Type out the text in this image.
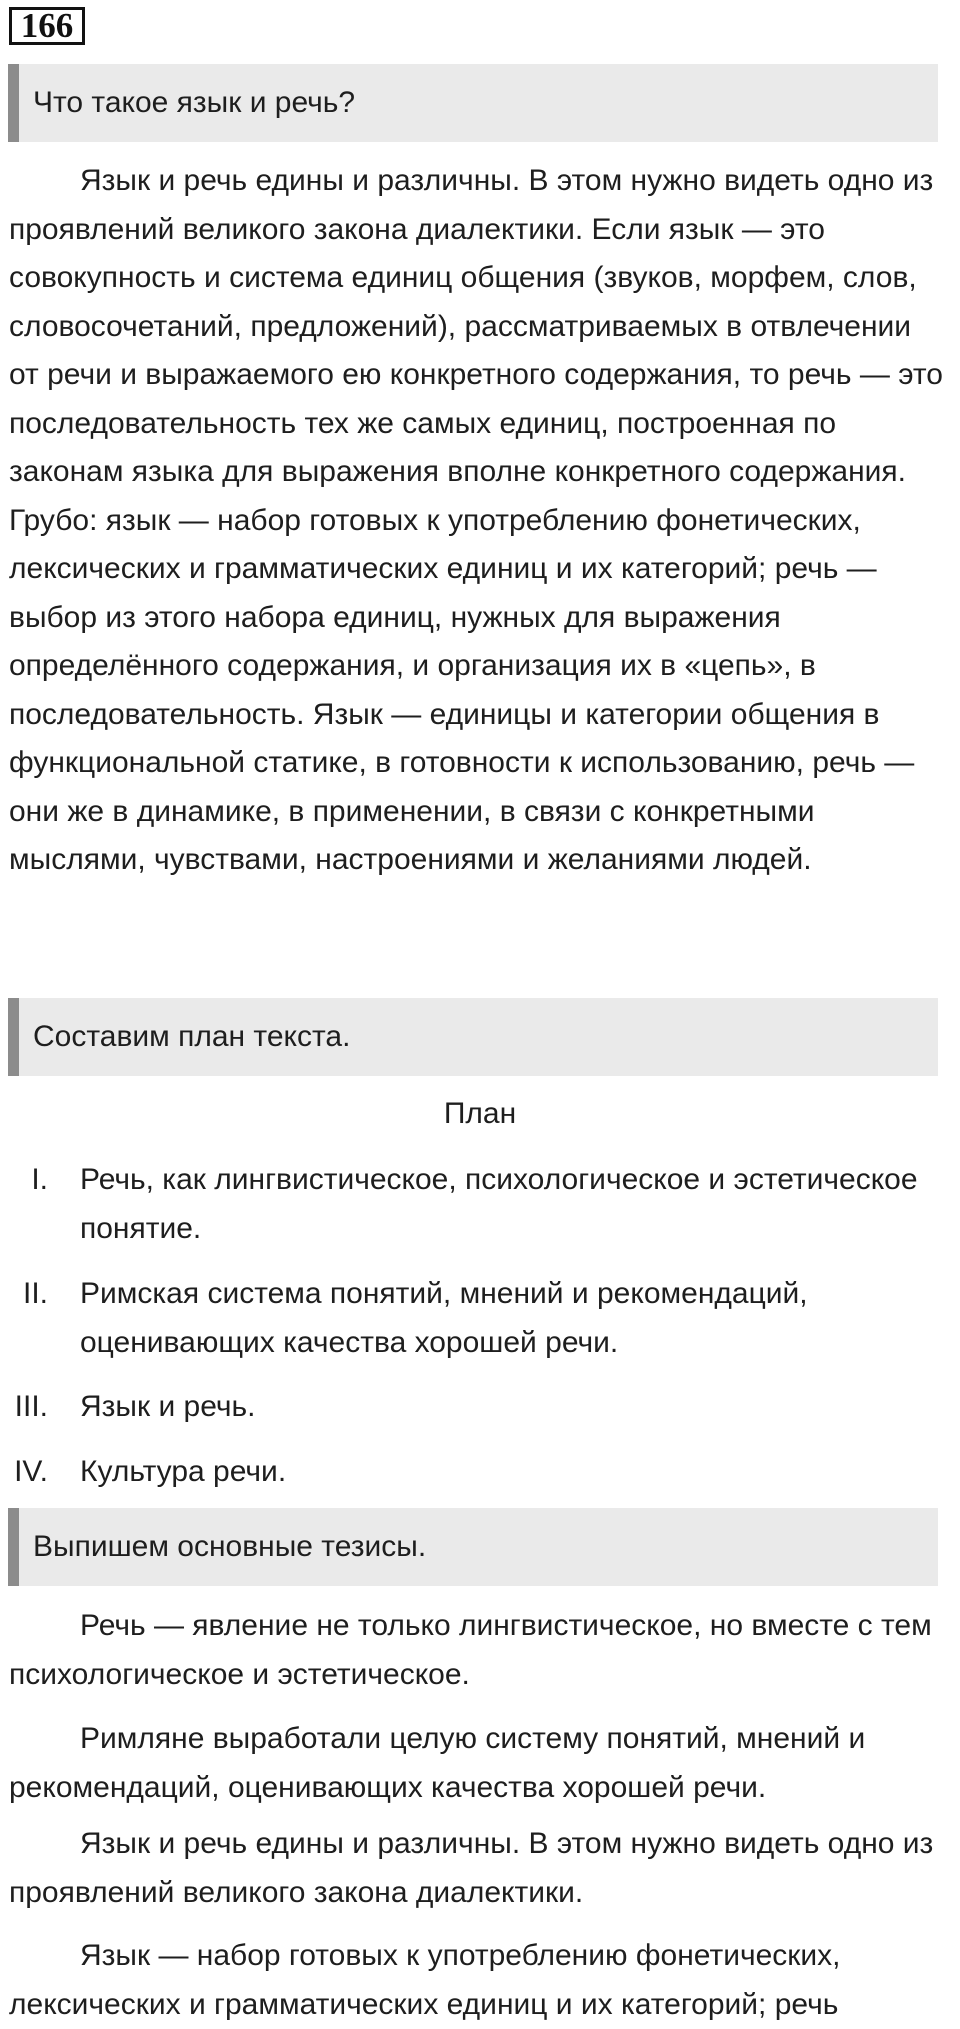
166
Что такое язык и речь?

Язык и речь едины и различны. В этом нужно видеть одно из проявлений великого закона диалектики. Если язык — это совокупность и система единиц общения (звуков, морфем, слов, словосочетаний, предложений), рассматриваемых в отвлечении от речи и выражаемого ею конкретного содержания, то речь — это последовательность тех же самых единиц, построенная по законам языка для выражения вполне конкретного содержания. Грубо: язык — набор готовых к употреблению фонетических, лексических и грамматических единиц и их категорий; речь — выбор из этого набора единиц, нужных для выражения определённого содержания, и организация их в «цепь», в последовательность. Язык — единицы и категории общения в функциональной статике, в готовности к использованию, речь — они же в динамике, в применении, в связи с конкретными мыслями, чувствами, настроениями и желаниями людей.

Составим план текста.
План
I. Речь, как лингвистическое, психологическое и эстетическое понятие.

II. Римская система понятий, мнений и рекомендаций, оценивающих качества хорошей речи.

III. Язык и речь.

IV. Культура речи.

Выпишем основные тезисы.

Речь — явление не только лингвистическое, но вместе с тем психологическое и эстетическое.

Римляне выработали целую систему понятий, мнений и рекомендаций, оценивающих качества хорошей речи.

Язык и речь едины и различны. В этом нужно видеть одно из проявлений великого закона диалектики.

Язык — набор готовых к употреблению фонетических, лексических и грамматических единиц и их категорий; речь
